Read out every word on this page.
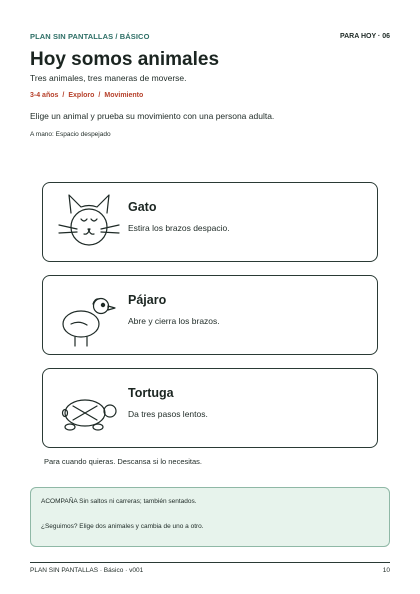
PLAN SIN PANTALLAS / BÁSICO	PARA HOY · 06
Hoy somos animales

Tres animales, tres maneras de moverse.

3-4 años / Exploro / Movimiento

Elige un animal y prueba su movimiento con una persona adulta.

A mano: Espacio despejado

Gato
Estira los brazos despacio.
Pájaro
Abre y cierra los brazos.
Tortuga
Da tres pasos lentos.

Para cuando quieras. Descansa si lo necesitas.

ACOMPAÑA Sin saltos ni carreras; también sentados.

¿Seguimos? Elige dos animales y cambia de uno a otro.

PLAN SIN PANTALLAS · Básico · v001	10
